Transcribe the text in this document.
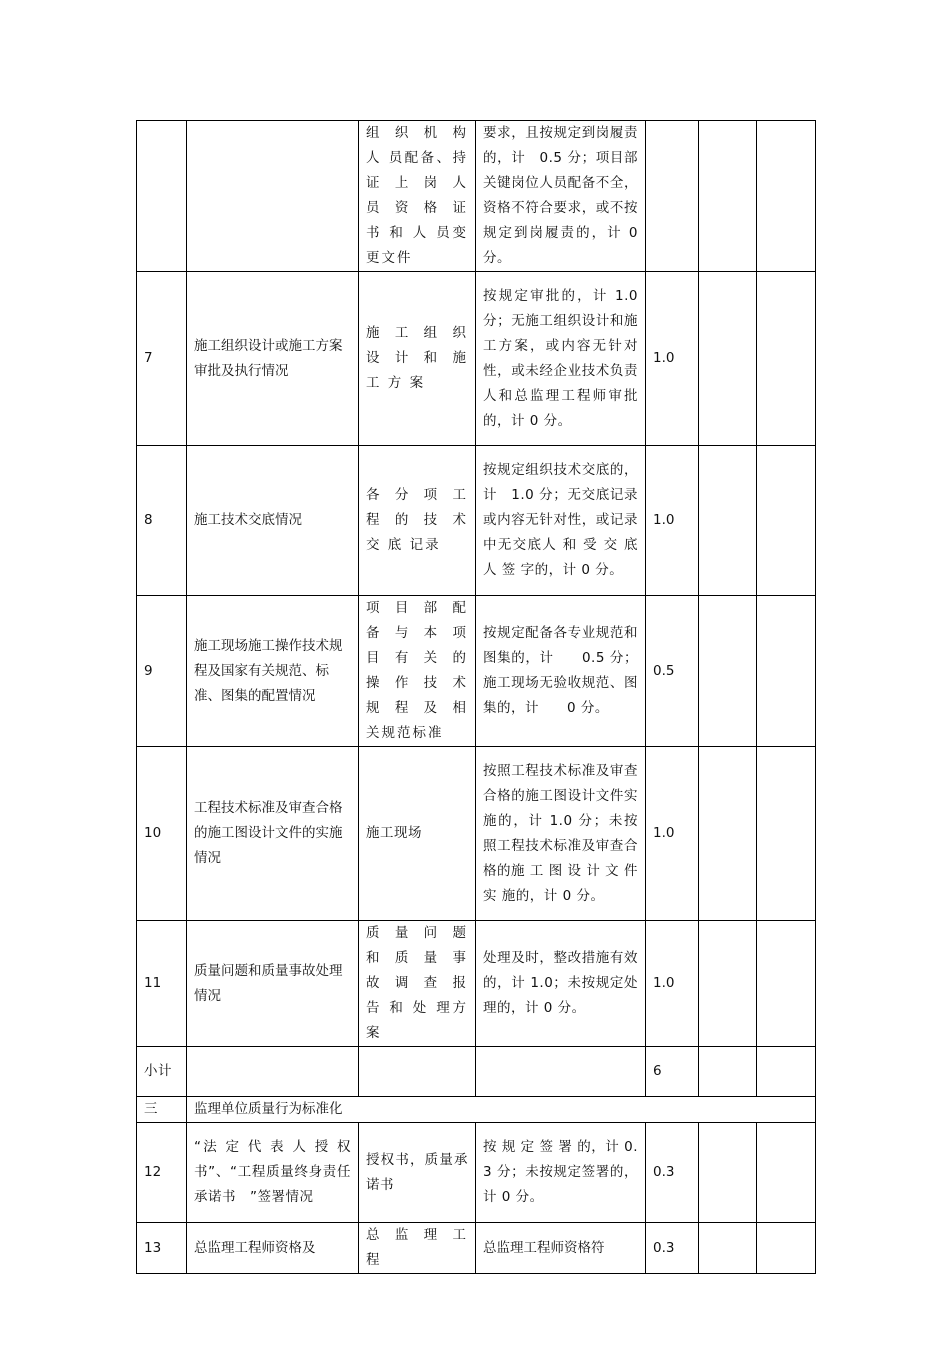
		组 织 机 构 人 员配备、持证 上 岗 人 员 资 格 证 书 和 人 员变更文件	要求，且按规定到岗履责的，计　0.5 分；项目部关键岗位人员配备不全，资格不符合要求，或不按规定到岗履责的，计 0 分。			
7	施工组织设计或施工方案审批及执行情况	施 工 组 织 设 计 和 施 工 方 案	按规定审批的，计 1.0 分；无施工组织设计和施工方案，或内容无针对性，或未经企业技术负责人和总监理工程师审批的，计 0 分。	1.0		
8	施工技术交底情况	各 分 项 工 程 的 技 术 交 底 记录	按规定组织技术交底的，计　1.0 分；无交底记录或内容无针对性，或记录中无交底人 和 受 交 底 人 签 字的，计 0 分。	1.0		
9	施工现场施工操作技术规程及国家有关规范、标准、图集的配置情况	项 目 部 配 备 与 本 项 目 有 关 的 操 作 技 术 规 程 及 相 关规范标准	按规定配备各专业规范和图集的，计　　0.5 分；施工现场无验收规范、图集的，计　　0 分。	0.5		
10	工程技术标准及审查合格的施工图设计文件的实施情况	施工现场	按照工程技术标准及审查合格的施工图设计文件实施的，计 1.0 分；未按照工程技术标准及审查合格的施 工 图 设 计 文 件 实 施的，计 0 分。	1.0		
11	质量问题和质量事故处理情况	质 量 问 题 和 质 量 事 故 调 查 报 告 和 处 理方案	处理及时，整改措施有效的，计 1.0；未按规定处理的，计 0 分。	1.0		
小计				6		
三	监理单位质量行为标准化					
12	“法 定 代 表 人 授 权 书”、“工程质量终身责任承诺书　”签署情况	授权书，质量承诺书	按 规 定 签 署 的，计 0.3 分；未按规定签署的，计 0 分。	0.3		
13	总监理工程师资格及	总 监 理 工 程	总监理工程师资格符	0.3		
